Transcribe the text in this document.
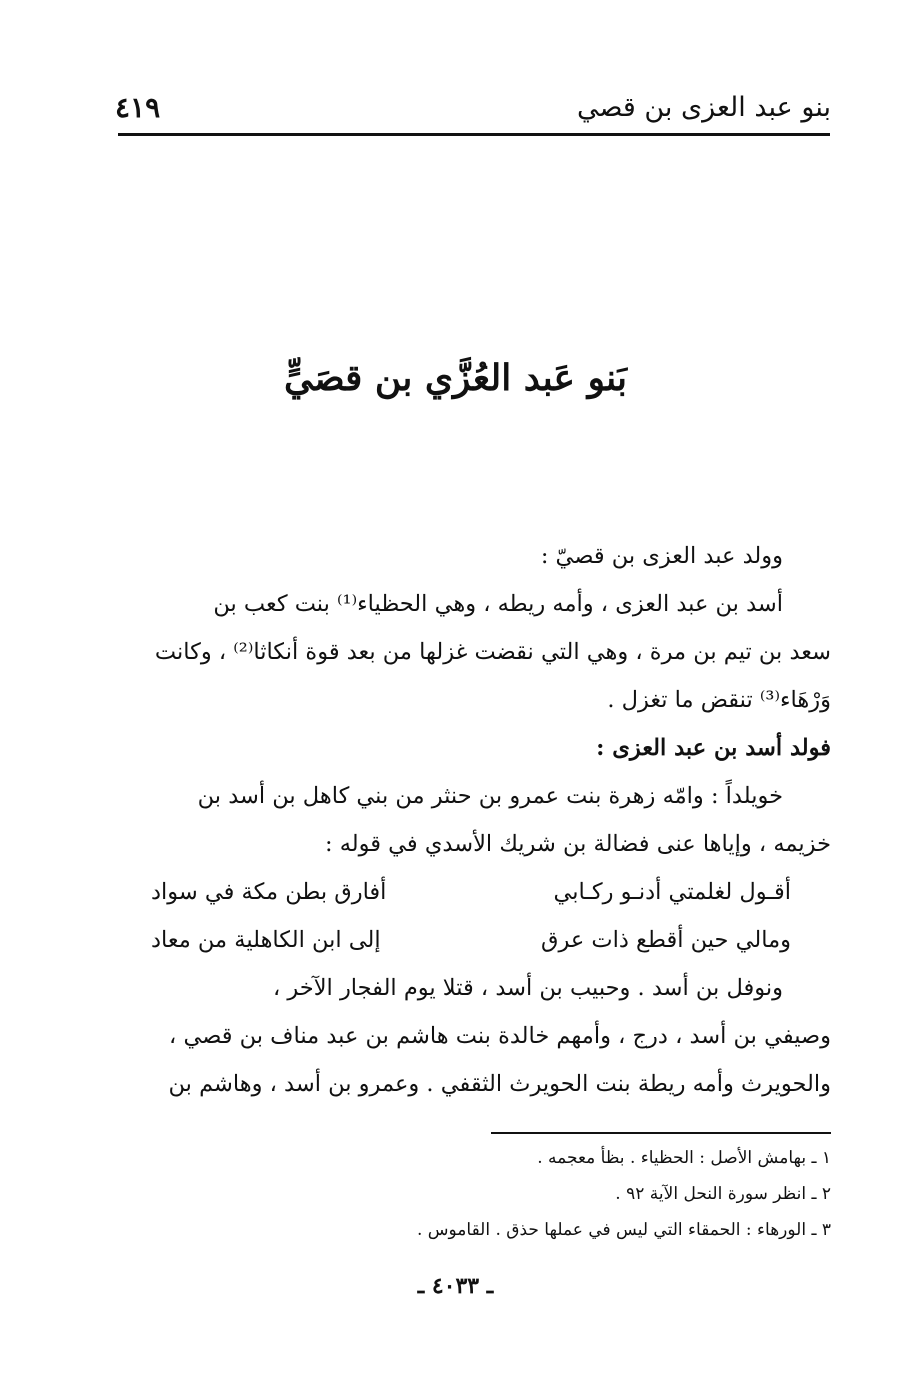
بنو عبد العزى بن قصي
٤١٩
بَنو عَبد العُزَّي بن قصَيٍّ
وولد عبد العزى بن قصيّ :
أسد بن عبد العزى ، وأمه ريطه ، وهي الحظياء⁽¹⁾ بنت كعب بن
سعد بن تيم بن مرة ، وهي التي نقضت غزلها من بعد قوة أنكاثا⁽²⁾ ، وكانت
وَرْهَاء⁽³⁾ تنقض ما تغزل .
فولد أسد بن عبد العزى :
خويلداً : وامّه زهرة بنت عمرو بن حنثر من بني كاهل بن أسد بن
خزيمه ، وإياها عنى فضالة بن شريك الأسدي في قوله :
أقـول لغلمتي أدنـو ركـابي
أفارق بطن مكة في سواد
ومالي حين أقطع ذات عرق
إلى ابن الكاهلية من معاد
ونوفل بن أسد . وحبيب بن أسد ، قتلا يوم الفجار الآخر ،
وصيفي بن أسد ، درج ، وأمهم خالدة بنت هاشم بن عبد مناف بن قصي ،
والحويرث وأمه ريطة بنت الحويرث الثقفي . وعمرو بن أسد ، وهاشم بن
١ ـ بهامش الأصل : الحظياء . بظأ معجمه .
٢ ـ انظر سورة النحل الآية ٩٢ .
٣ ـ الورهاء : الحمقاء التي ليس في عملها حذق . القاموس .
ـ ٤٠٣٣ ـ
